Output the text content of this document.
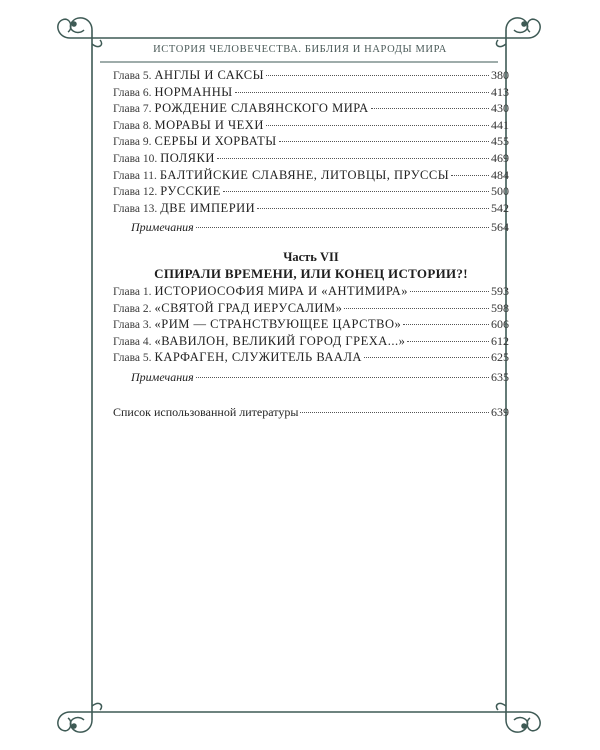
ИСТОРИЯ ЧЕЛОВЕЧЕСТВА. БИБЛИЯ И НАРОДЫ МИРА
Глава 5. АНГЛЫ И САКСЫ	380
Глава 6. НОРМАННЫ	413
Глава 7. РОЖДЕНИЕ СЛАВЯНСКОГО МИРА	430
Глава 8. МОРАВЫ И ЧЕХИ	441
Глава 9. СЕРБЫ И ХОРВАТЫ	455
Глава 10. ПОЛЯКИ	469
Глава 11. БАЛТИЙСКИЕ СЛАВЯНЕ, ЛИТОВЦЫ, ПРУССЫ	484
Глава 12. РУССКИЕ	500
Глава 13. ДВЕ ИМПЕРИИ	542
Примечания	564
Часть VII
СПИРАЛИ ВРЕМЕНИ, ИЛИ КОНЕЦ ИСТОРИИ?!
Глава 1. ИСТОРИОСОФИЯ МИРА И «АНТИМИРА»	593
Глава 2. «СВЯТОЙ ГРАД ИЕРУСАЛИМ»	598
Глава 3. «РИМ — СТРАНСТВУЮЩЕЕ ЦАРСТВО»	606
Глава 4. «ВАВИЛОН, ВЕЛИКИЙ ГОРОД ГРЕХА...»	612
Глава 5. КАРФАГЕН, СЛУЖИТЕЛЬ ВААЛА	625
Примечания	635
Список использованной литературы	639
